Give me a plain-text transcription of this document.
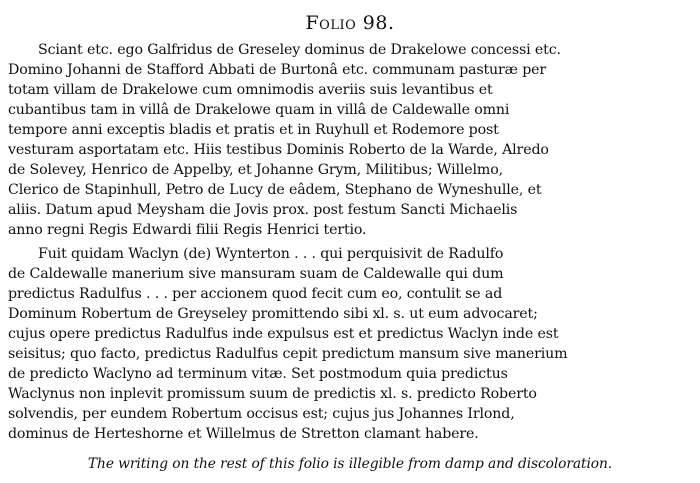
Folio 98.
Sciant etc. ego Galfridus de Greseley dominus de Drakelowe concessi etc.
Domino Johanni de Stafford Abbati de Burtonâ etc. communam pasturæ per
totam villam de Drakelowe cum omnimodis averiis suis levantibus et
cubantibus tam in villâ de Drakelowe quam in villâ de Caldewalle omni
tempore anni exceptis bladis et pratis et in Ruyhull et Rodemore post
vesturam asportatam etc. Hiis testibus Dominis Roberto de la Warde, Alredo
de Solevey, Henrico de Appelby, et Johanne Grym, Militibus; Willelmo,
Clerico de Stapinhull, Petro de Lucy de eâdem, Stephano de Wyneshulle, et
aliis. Datum apud Meysham die Jovis prox. post festum Sancti Michaelis
anno regni Regis Edwardi filii Regis Henrici tertio.
Fuit quidam Waclyn (de) Wynterton . . . qui perquisivit de Radulfo
de Caldewalle manerium sive mansuram suam de Caldewalle qui dum
predictus Radulfus . . . per accionem quod fecit cum eo, contulit se ad
Dominum Robertum de Greyseley promittendo sibi xl. s. ut eum advocaret;
cujus opere predictus Radulfus inde expulsus est et predictus Waclyn inde est
seisitus; quo facto, predictus Radulfus cepit predictum mansum sive manerium
de predicto Waclyno ad terminum vitæ. Set postmodum quia predictus
Waclynus non inplevit promissum suum de predictis xl. s. predicto Roberto
solvendis, per eundem Robertum occisus est; cujus jus Johannes Irlond,
dominus de Herteshorne et Willelmus de Stretton clamant habere.
The writing on the rest of this folio is illegible from damp and discoloration.
